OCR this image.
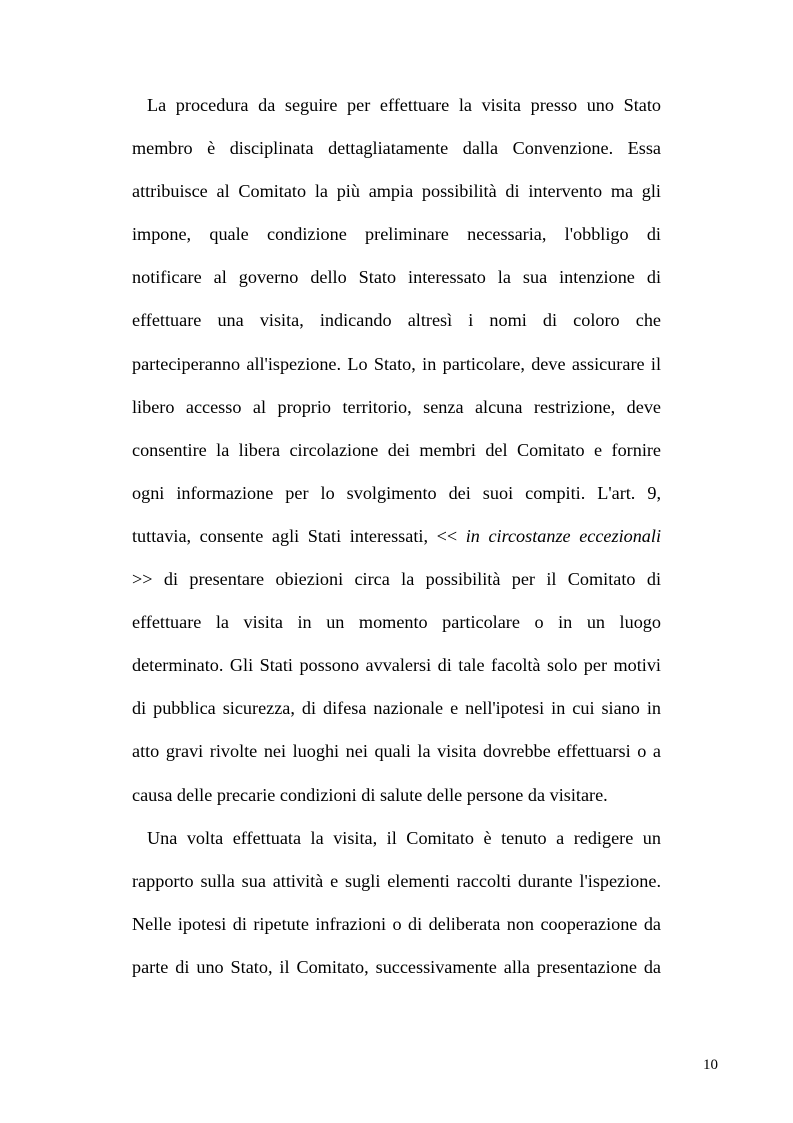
La procedura da seguire per effettuare la visita presso uno Stato
membro è disciplinata dettagliatamente dalla Convenzione. Essa
attribuisce al Comitato la più ampia possibilità di intervento ma gli
impone, quale condizione preliminare necessaria, l'obbligo di
notificare al governo dello Stato interessato la sua intenzione di
effettuare una visita, indicando altresì i nomi di coloro che
parteciperanno all'ispezione. Lo Stato, in particolare, deve assicurare il
libero accesso al proprio territorio, senza alcuna restrizione, deve
consentire la libera circolazione dei membri del Comitato e fornire
ogni informazione per lo svolgimento dei suoi compiti. L'art. 9,
tuttavia, consente agli Stati interessati, << in circostanze eccezionali
>> di presentare obiezioni circa la possibilità per il Comitato di
effettuare la visita in un momento particolare o in un luogo
determinato. Gli Stati possono avvalersi di tale facoltà solo per motivi
di pubblica sicurezza, di difesa nazionale e nell'ipotesi in cui siano in
atto gravi rivolte nei luoghi nei quali la visita dovrebbe effettuarsi o a
causa delle precarie condizioni di salute delle persone da visitare.
Una volta effettuata la visita, il Comitato è tenuto a redigere un
rapporto sulla sua attività e sugli elementi raccolti durante l'ispezione.
Nelle ipotesi di ripetute infrazioni o di deliberata non cooperazione da
parte di uno Stato, il Comitato, successivamente alla presentazione da
10
